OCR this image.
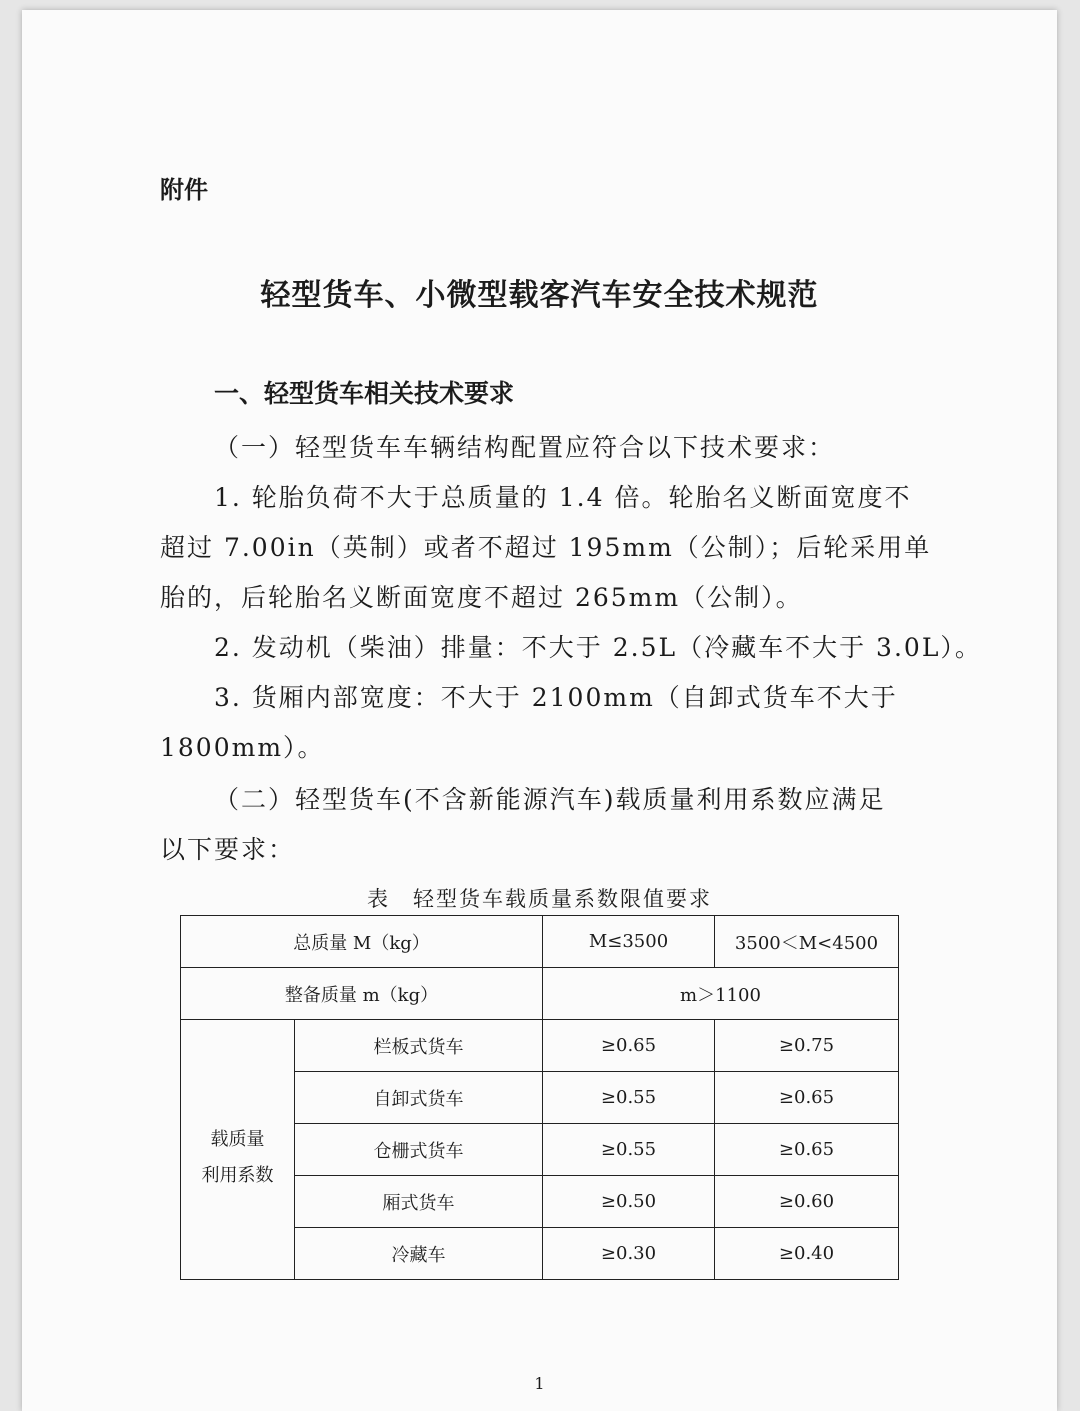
附件
轻型货车、小微型载客汽车安全技术规范
一、轻型货车相关技术要求
（一）轻型货车车辆结构配置应符合以下技术要求：
1. 轮胎负荷不大于总质量的 1.4 倍。轮胎名义断面宽度不
超过 7.00in（英制）或者不超过 195mm（公制）；后轮采用单
胎的，后轮胎名义断面宽度不超过 265mm（公制）。
2. 发动机（柴油）排量：不大于 2.5L（冷藏车不大于 3.0L）。
3. 货厢内部宽度：不大于 2100mm（自卸式货车不大于
1800mm）。
（二）轻型货车(不含新能源汽车)载质量利用系数应满足
以下要求：
表　轻型货车载质量系数限值要求
总质量 M（kg）		M≤3500	3500＜M<4500
整备质量 m（kg）		m＞1100	

载质量
利用系数	栏板式货车	≥0.65	≥0.75
	自卸式货车	≥0.55	≥0.65
	仓栅式货车	≥0.55	≥0.65
	厢式货车	≥0.50	≥0.60
	冷藏车	≥0.30	≥0.40
1
